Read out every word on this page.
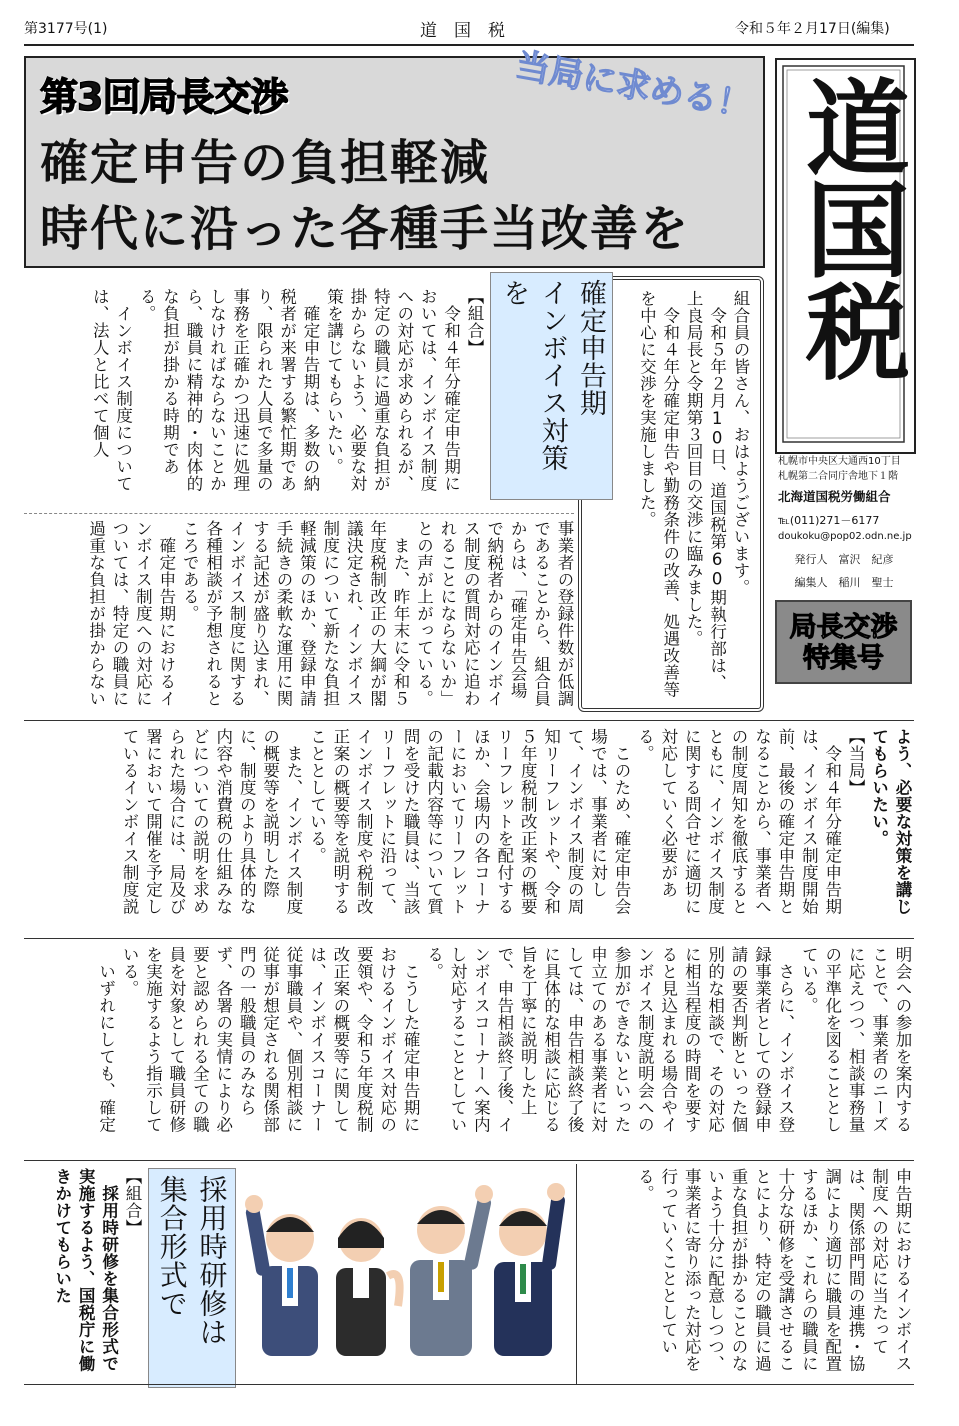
第3177号(1)	道　国　税	令和５年２月17日(編集)
第3回局長交渉
確定申告の負担軽減
時代に沿った各種手当改善を
当局に求める！ 道国税
札幌市中央区大通西10丁目
札幌第二合同庁舎地下１階
北海道国税労働組合
℡(011)271－6177
doukoku@pop02.odn.ne.jp
発行人　富沢　紀彦
編集人　稲川　聖士
局長交渉
特集号

組合員の皆さん、おはようございます。

令和５年２月10日、道国税第60期執行部は、上良局長と令期第３回目の交渉に臨みました。

令和４年分確定申告や勤務条件の改善、処遇改善等を中心に交渉を実施しました。

確定申告期
インボイス対策を

【組合】

令和４年分確定申告期においては、インボイス制度への対応が求められるが、特定の職員に過重な負担が掛からないよう、必要な対策を講じてもらいたい。

確定申告期は、多数の納税者が来署する繁忙期であり、限られた人員で多量の事務を正確かつ迅速に処理しなければならないことから、職員に精神的・肉体的な負担が掛かる時期である。

インボイス制度については、法人と比べて個人

事業者の登録件数が低調であることから、組合員からは、「確定申告会場で納税者からのインボイス制度の質問対応に追われることにならないか」との声が上がっている。

また、昨年末に令和５年度税制改正の大綱が閣議決定され、インボイス制度について新たな負担軽減策のほか、登録申請手続きの柔軟な運用に関する記述が盛り込まれ、インボイス制度に関する各種相談が予想されるところである。

確定申告期におけるインボイス制度への対応については、特定の職員に過重な負担が掛からない

よう、必要な対策を講じてもらいたい。

【当局】

令和４年分確定申告期は、インボイス制度開始前、最後の確定申告期となることから、事業者への制度周知を徹底するとともに、インボイス制度に関する問合せに適切に対応していく必要がある。

このため、確定申告会場では、事業者に対して、インボイス制度の周知リーフレットや、令和５年度税制改正案の概要リーフレットを配付するほか、会場内の各コーナーにおいてリーフレットの記載内容等について質問を受けた職員は、当該リーフレットに沿って、インボイス制度や税制改正案の概要等を説明することとしている。

また、インボイス制度の概要等を説明した際に、制度のより具体的な内容や消費税の仕組みなどについての説明を求められた場合には、局及び署において開催を予定しているインボイス制度説

明会への参加を案内することで、事業者のニーズに応えつつ、相談事務量の平準化を図ることとしている。

さらに、インボイス登録事業者としての登録申請の要否判断といった個別的な相談で、その対応に相当程度の時間を要すると見込まれる場合やインボイス制度説明会への参加ができないといった申立てのある事業者に対しては、申告相談終了後に具体的な相談に応じる旨を丁寧に説明した上で、申告相談終了後、インボイスコーナーへ案内し対応することとしている。

こうした確定申告期におけるインボイス対応の要領や、令和５年度税制改正案の概要等に関しては、インボイスコーナー従事職員や、個別相談に従事が想定される関係部門の一般職員のみならず、各署の実情により必要と認められる全ての職員を対象として職員研修を実施するよう指示している。

いずれにしても、確定

申告期におけるインボイス制度への対応に当たっては、関係部門間の連携・協調により適切に職員を配置するほか、これらの職員に十分な研修を受講させることにより、特定の職員に過重な負担が掛かることのないよう十分に配意しつつ、事業者に寄り添った対応を行っていくこととしている。

採用時研修は
集合形式で

【組合】

採用時研修を集合形式で実施するよう、国税庁に働きかけてもらいた
